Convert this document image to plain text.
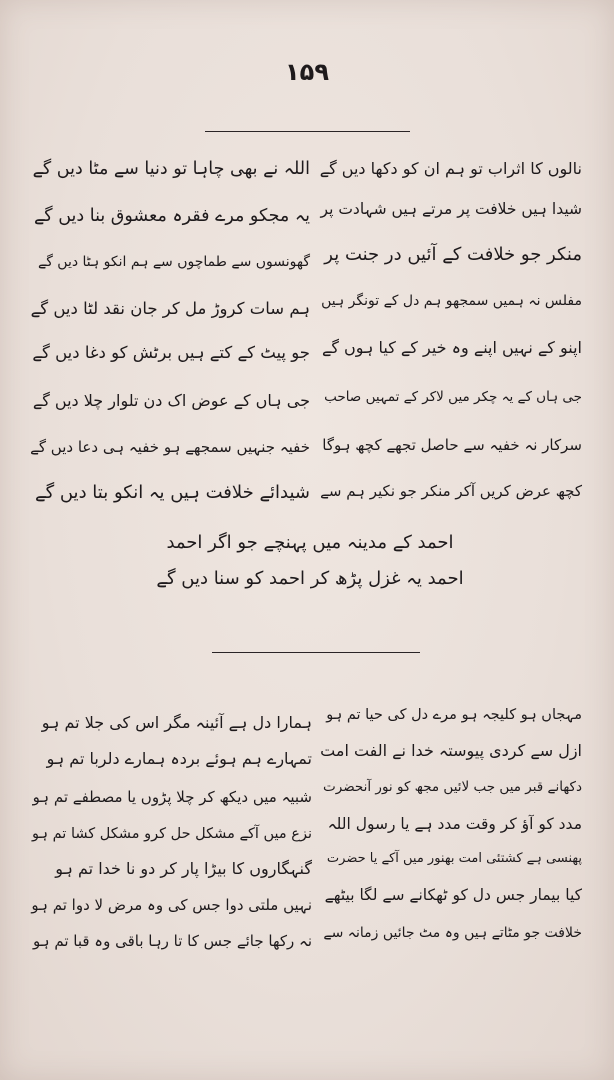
۱۵۹
نالوں کا اثراب تو ہم ان کو دکھا دیں گے
شیدا ہیں خلافت پر مرتے ہیں شہادت پر
منکر جو خلافت کے آئیں در جنت پر
مفلس نہ ہمیں سمجھو ہم دل کے تونگر ہیں
اپنو کے نہیں اپنے وہ خیر کے کیا ہوں گے
جی ہاں کے یہ چکر میں لاکر کے تمہیں صاحب
سرکار نہ خفیہ سے حاصل تجھے کچھ ہوگا
کچھ عرض کریں آکر منکر جو نکیر ہم سے
اللہ نے بھی چاہا تو دنیا سے مٹا دیں گے
یہ مجکو مرے فقرہ معشوق بنا دیں گے
گھونسوں سے طماچوں سے ہم انکو ہٹا دیں گے
ہم سات کروڑ مل کر جان نقد لٹا دیں گے
جو پیٹ کے کتے ہیں برٹش کو دغا دیں گے
جی ہاں کے عوض اک دن تلوار چلا دیں گے
خفیہ جنہیں سمجھے ہو خفیہ ہی دعا دیں گے
شیدائے خلافت ہیں یہ انکو بتا دیں گے
احمد کے مدینہ میں پہنچے جو اگر احمد
احمد یہ غزل پڑھ کر احمد کو سنا دیں گے
مہجاں ہو کلیجہ ہو مرے دل کی حیا تم ہو
ازل سے کردی پیوستہ خدا نے الفت امت
دکھانے قبر میں جب لائیں مجھ کو نور آنحضرت
مدد کو آؤ کر وقت مدد ہے یا رسول اللہ
پھنسی ہے کشتئی امت بھنور میں آکے یا حضرت
کیا بیمار جس دل کو ٹھکانے سے لگا بیٹھے
خلافت جو مٹاتے ہیں وہ مٹ جائیں زمانہ سے
ہمارا دل ہے آئینہ مگر اس کی جلا تم ہو
تمہارے ہم ہوئے بردہ ہمارے دلربا تم ہو
شبیہ میں دیکھ کر چلا پڑوں یا مصطفے تم ہو
نزع میں آکے مشکل حل کرو مشکل کشا تم ہو
گنہگاروں کا بیڑا پار کر دو نا خدا تم ہو
نہیں ملتی دوا جس کی وہ مرض لا دوا تم ہو
نہ رکھا جائے جس کا تا رہا باقی وہ قبا تم ہو
